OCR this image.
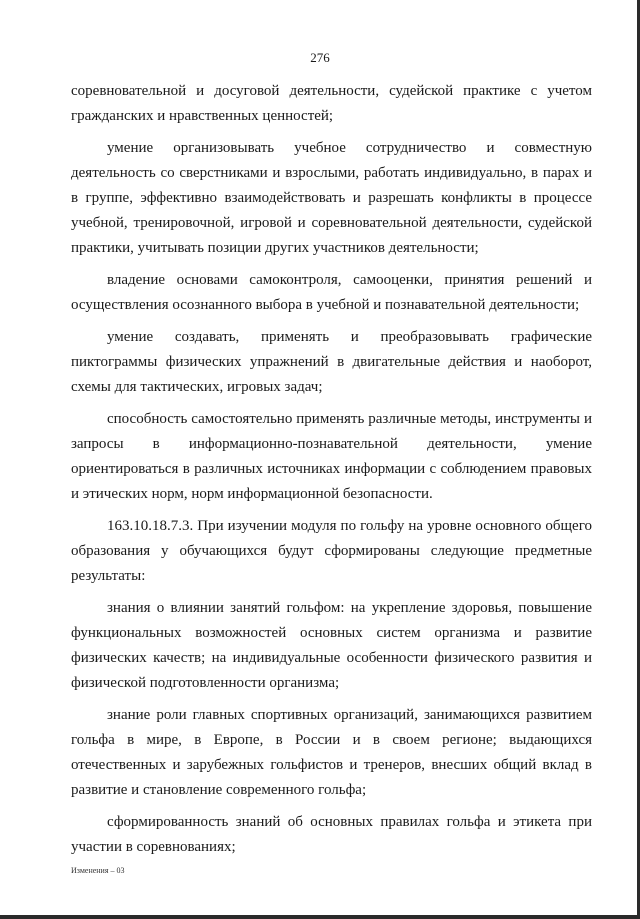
276

соревновательной и досуговой деятельности, судейской практике с учетом гражданских и нравственных ценностей;

умение организовывать учебное сотрудничество и совместную деятельность со сверстниками и взрослыми, работать индивидуально, в парах и в группе, эффективно взаимодействовать и разрешать конфликты в процессе учебной, тренировочной, игровой и соревновательной деятельности, судейской практики, учитывать позиции других участников деятельности;

владение основами самоконтроля, самооценки, принятия решений и осуществления осознанного выбора в учебной и познавательной деятельности;

умение создавать, применять и преобразовывать графические пиктограммы физических упражнений в двигательные действия и наоборот, схемы для тактических, игровых задач;

способность самостоятельно применять различные методы, инструменты и запросы в информационно-познавательной деятельности, умение ориентироваться в различных источниках информации с соблюдением правовых и этических норм, норм информационной безопасности.

163.10.18.7.3. При изучении модуля по гольфу на уровне основного общего образования у обучающихся будут сформированы следующие предметные результаты:

знания о влиянии занятий гольфом: на укрепление здоровья, повышение функциональных возможностей основных систем организма и развитие физических качеств; на индивидуальные особенности физического развития и физической подготовленности организма;

знание роли главных спортивных организаций, занимающихся развитием гольфа в мире, в Европе, в России и в своем регионе; выдающихся отечественных и зарубежных гольфистов и тренеров, внесших общий вклад в развитие и становление современного гольфа;

сформированность знаний об основных правилах гольфа и этикета при участии в соревнованиях;

Изменения – 03
